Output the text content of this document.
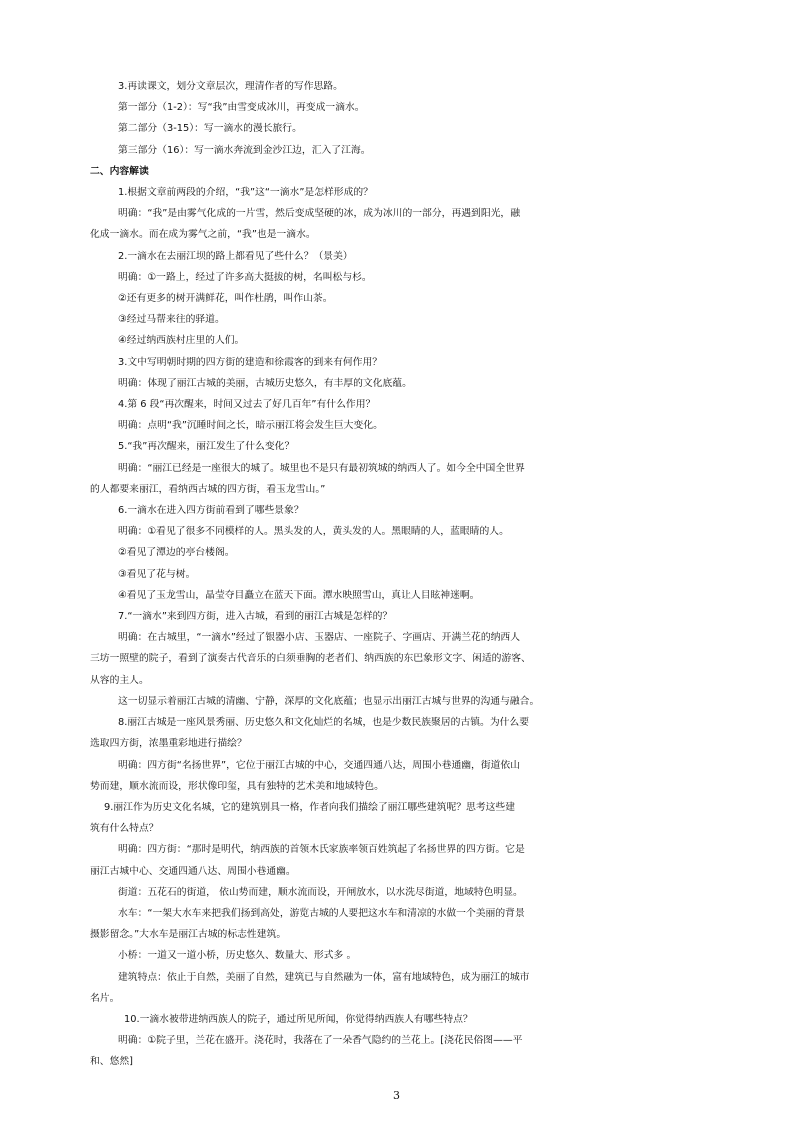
3.再读课文，划分文章层次，理清作者的写作思路。
第一部分（1-2）：写“我”由雪变成冰川，再变成一滴水。
第二部分（3-15）：写一滴水的漫长旅行。
第三部分（16）：写一滴水奔流到金沙江边，汇入了江海。
二、内容解读
1.根据文章前两段的介绍，“我”这“一滴水”是怎样形成的？
明确：“我”是由雾气化成的一片雪，然后变成坚硬的冰，成为冰川的一部分，再遇到阳光，融
化成一滴水。而在成为雾气之前，“我”也是一滴水。
2.一滴水在去丽江坝的路上都看见了些什么？（景美）
明确：①一路上，经过了许多高大挺拔的树，名叫松与杉。
②还有更多的树开满鲜花，叫作杜鹃，叫作山茶。
③经过马帮来往的驿道。
④经过纳西族村庄里的人们。
3.文中写明朝时期的四方街的建造和徐霞客的到来有何作用？
明确：体现了丽江古城的美丽，古城历史悠久，有丰厚的文化底蕴。
4.第 6 段“再次醒来，时间又过去了好几百年”有什么作用？
明确：点明“我”沉睡时间之长，暗示丽江将会发生巨大变化。
5.“我”再次醒来，丽江发生了什么变化？
明确：“丽江已经是一座很大的城了。城里也不是只有最初筑城的纳西人了。如今全中国全世界
的人都要来丽江，看纳西古城的四方街，看玉龙雪山。”
6.一滴水在进入四方街前看到了哪些景象？
明确：①看见了很多不同模样的人。黑头发的人，黄头发的人。黑眼睛的人，蓝眼睛的人。
②看见了潭边的亭台楼阁。
③看见了花与树。
④看见了玉龙雪山，晶莹夺目矗立在蓝天下面。潭水映照雪山，真让人目眩神迷啊。
7.“一滴水”来到四方街，进入古城，看到的丽江古城是怎样的？
明确：在古城里，“一滴水”经过了银器小店、玉器店、一座院子、字画店、开满兰花的纳西人
三坊一照壁的院子，看到了演奏古代音乐的白须垂胸的老者们、纳西族的东巴象形文字、闲适的游客、
从容的主人。
这一切显示着丽江古城的清幽、宁静，深厚的文化底蕴；也显示出丽江古城与世界的沟通与融合。
8.丽江古城是一座风景秀丽、历史悠久和文化灿烂的名城，也是少数民族聚居的古镇。为什么要
选取四方街，浓墨重彩地进行描绘？
明确：四方街“名扬世界”，它位于丽江古城的中心，交通四通八达，周围小巷通幽，街道依山
势而建，顺水流而设，形状像印玺，具有独特的艺术美和地域特色。
9.丽江作为历史文化名城，它的建筑别具一格，作者向我们描绘了丽江哪些建筑呢？思考这些建
筑有什么特点？
明确：四方街：“那时是明代，纳西族的首领木氏家族率领百姓筑起了名扬世界的四方街。它是
丽江古城中心、交通四通八达、周围小巷通幽。
街道：五花石的街道， 依山势而建，顺水流而设，开闸放水，以水洗尽街道，地域特色明显。
水车：“一架大水车来把我们扬到高处，游览古城的人要把这水车和清凉的水做一个美丽的背景
摄影留念。”大水车是丽江古城的标志性建筑。
小桥：一道又一道小桥，历史悠久、数量大、形式多 。
建筑特点：依止于自然，美丽了自然，建筑已与自然融为一体，富有地域特色，成为丽江的城市
名片。
10.一滴水被带进纳西族人的院子，通过所见所闻，你觉得纳西族人有哪些特点？
明确：①院子里，兰花在盛开。浇花时，我落在了一朵香气隐约的兰花上。[浇花民俗图——平
和、悠然]
3
